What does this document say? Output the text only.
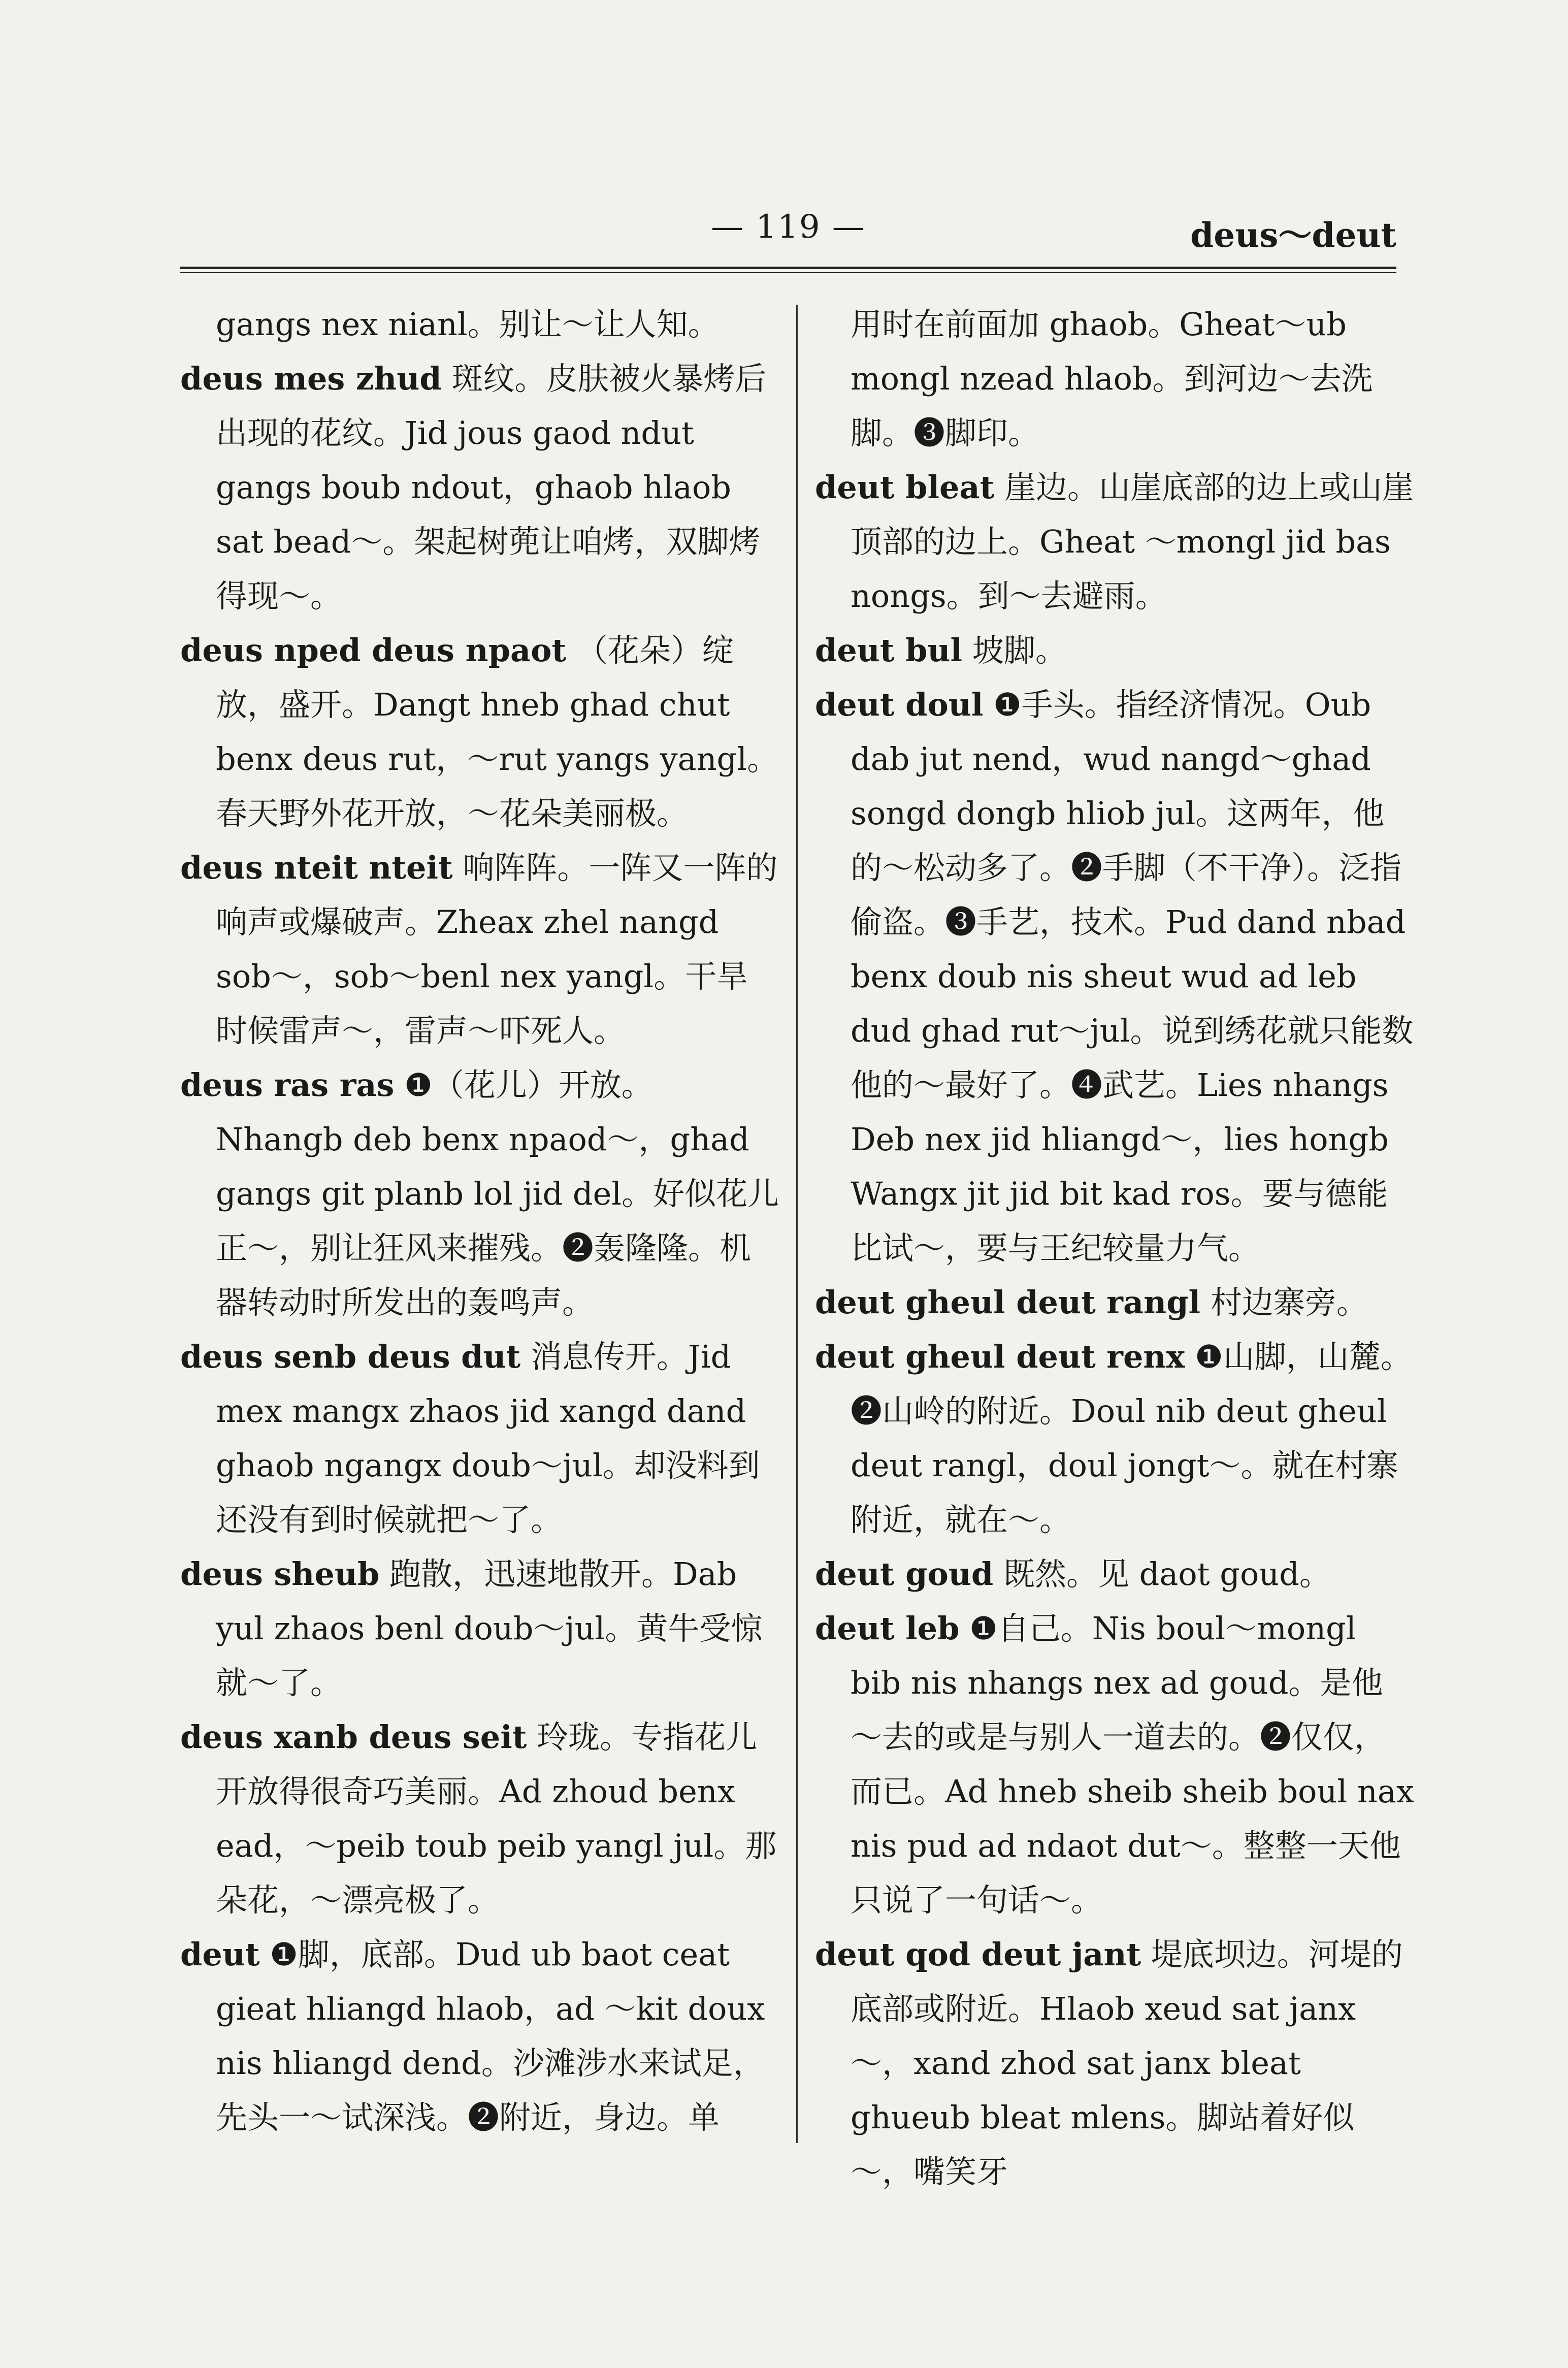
— 119 —	deus～deut

gangs nex nianl。别让～让人知。

deus mes zhud 斑纹。皮肤被火暴烤后出现的花纹。Jid jous gaod ndut gangs boub ndout，ghaob hlaob sat bead～。架起树蔸让咱烤，双脚烤得现～。

deus nped deus npaot （花朵）绽放，盛开。Dangt hneb ghad chut benx deus rut，～rut yangs yangl。春天野外花开放，～花朵美丽极。

deus nteit nteit 响阵阵。一阵又一阵的响声或爆破声。Zheax zhel nangd sob～，sob～benl nex yangl。干旱时候雷声～，雷声～吓死人。

deus ras ras ❶（花儿）开放。Nhangb deb benx npaod～，ghad gangs git planb lol jid del。好似花儿正～，别让狂风来摧残。❷轰隆隆。机器转动时所发出的轰鸣声。

deus senb deus dut 消息传开。Jid mex mangx zhaos jid xangd dand ghaob ngangx doub～jul。却没料到还没有到时候就把～了。

deus sheub 跑散，迅速地散开。Dab yul zhaos benl doub～jul。黄牛受惊就～了。

deus xanb deus seit 玲珑。专指花儿开放得很奇巧美丽。Ad zhoud benx ead，～peib toub peib yangl jul。那朵花，～漂亮极了。

deut ❶脚，底部。Dud ub baot ceat gieat hliangd hlaob，ad ～kit doux nis hliangd dend。沙滩涉水来试足，先头一～试深浅。❷附近，身边。单

用时在前面加 ghaob。Gheat～ub mongl nzead hlaob。到河边～去洗脚。❸脚印。

deut bleat 崖边。山崖底部的边上或山崖顶部的边上。Gheat ～mongl jid bas nongs。到～去避雨。

deut bul 坡脚。

deut doul ❶手头。指经济情况。Oub dab jut nend，wud nangd～ghad songd dongb hliob jul。这两年，他的～松动多了。❷手脚（不干净）。泛指偷盗。❸手艺，技术。Pud dand nbad benx doub nis sheut wud ad leb dud ghad rut～jul。说到绣花就只能数他的～最好了。❹武艺。Lies nhangs Deb nex jid hliangd～，lies hongb Wangx jit jid bit kad ros。要与德能比试～，要与王纪较量力气。

deut gheul deut rangl 村边寨旁。

deut gheul deut renx ❶山脚，山麓。❷山岭的附近。Doul nib deut gheul deut rangl，doul jongt～。就在村寨附近，就在～。

deut goud 既然。见 daot goud。

deut leb ❶自己。Nis boul～mongl bib nis nhangs nex ad goud。是他～去的或是与别人一道去的。❷仅仅，而已。Ad hneb sheib sheib boul nax nis pud ad ndaot dut～。整整一天他只说了一句话～。

deut qod deut jant 堤底坝边。河堤的底部或附近。Hlaob xeud sat janx～，xand zhod sat janx bleat ghueub bleat mlens。脚站着好似～，嘴笑牙
